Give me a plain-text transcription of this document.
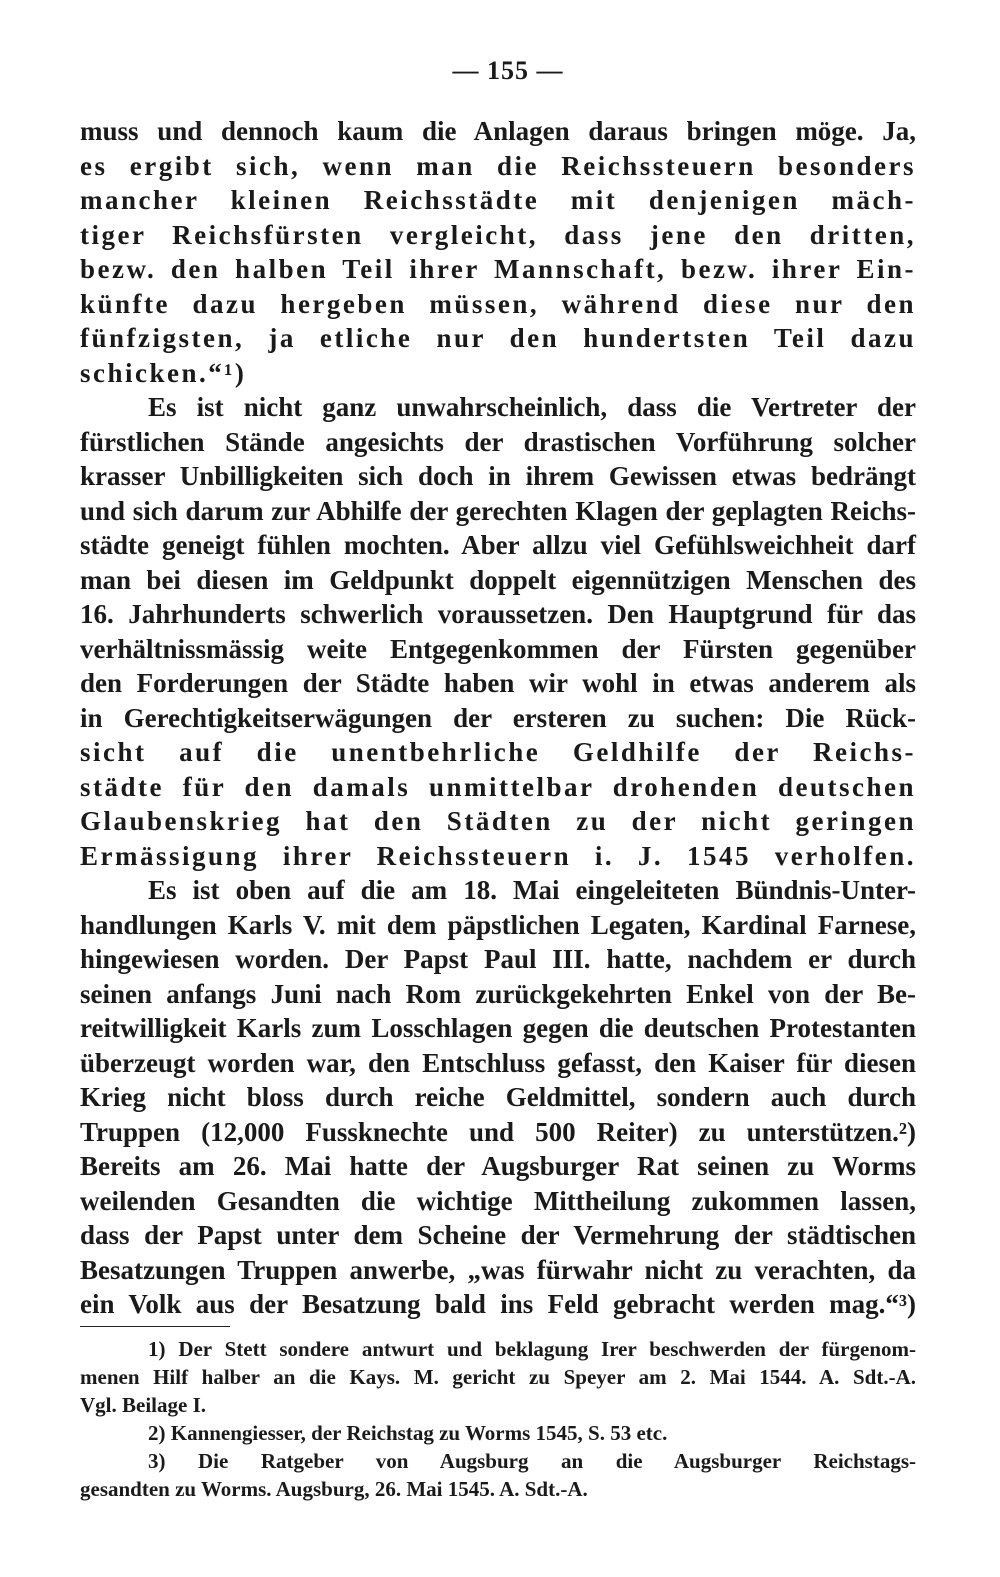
— 155 —
muss und dennoch kaum die Anlagen daraus bringen möge. Ja,
es ergibt sich, wenn man die Reichssteuern besonders
mancher kleinen Reichsstädte mit denjenigen mäch-
tiger Reichsfürsten vergleicht, dass jene den dritten,
bezw. den halben Teil ihrer Mannschaft, bezw. ihrer Ein-
künfte dazu hergeben müssen, während diese nur den
fünfzigsten, ja etliche nur den hundertsten Teil dazu
schicken.“¹)
Es ist nicht ganz unwahrscheinlich, dass die Vertreter der
fürstlichen Stände angesichts der drastischen Vorführung solcher
krasser Unbilligkeiten sich doch in ihrem Gewissen etwas bedrängt
und sich darum zur Abhilfe der gerechten Klagen der geplagten Reichs-
städte geneigt fühlen mochten. Aber allzu viel Gefühlsweichheit darf
man bei diesen im Geldpunkt doppelt eigennützigen Menschen des
16. Jahrhunderts schwerlich voraussetzen. Den Hauptgrund für das
verhältnissmässig weite Entgegenkommen der Fürsten gegenüber
den Forderungen der Städte haben wir wohl in etwas anderem als
in Gerechtigkeitserwägungen der ersteren zu suchen: Die Rück-
sicht auf die unentbehrliche Geldhilfe der Reichs-
städte für den damals unmittelbar drohenden deutschen
Glaubenskrieg hat den Städten zu der nicht geringen
Ermässigung ihrer Reichssteuern i. J. 1545 verholfen.
Es ist oben auf die am 18. Mai eingeleiteten Bündnis-Unter-
handlungen Karls V. mit dem päpstlichen Legaten, Kardinal Farnese,
hingewiesen worden. Der Papst Paul III. hatte, nachdem er durch
seinen anfangs Juni nach Rom zurückgekehrten Enkel von der Be-
reitwilligkeit Karls zum Losschlagen gegen die deutschen Protestanten
überzeugt worden war, den Entschluss gefasst, den Kaiser für diesen
Krieg nicht bloss durch reiche Geldmittel, sondern auch durch
Truppen (12,000 Fussknechte und 500 Reiter) zu unterstützen.²)
Bereits am 26. Mai hatte der Augsburger Rat seinen zu Worms
weilenden Gesandten die wichtige Mittheilung zukommen lassen,
dass der Papst unter dem Scheine der Vermehrung der städtischen
Besatzungen Truppen anwerbe, „was fürwahr nicht zu verachten, da
ein Volk aus der Besatzung bald ins Feld gebracht werden mag.“³)
1) Der Stett sondere antwurt und beklagung Irer beschwerden der fürgenom-
menen Hilf halber an die Kays. M. gericht zu Speyer am 2. Mai 1544. A. Sdt.-A.
Vgl. Beilage I.
2) Kannengiesser, der Reichstag zu Worms 1545, S. 53 etc.
3) Die Ratgeber von Augsburg an die Augsburger Reichstags-
gesandten zu Worms. Augsburg, 26. Mai 1545. A. Sdt.-A.
